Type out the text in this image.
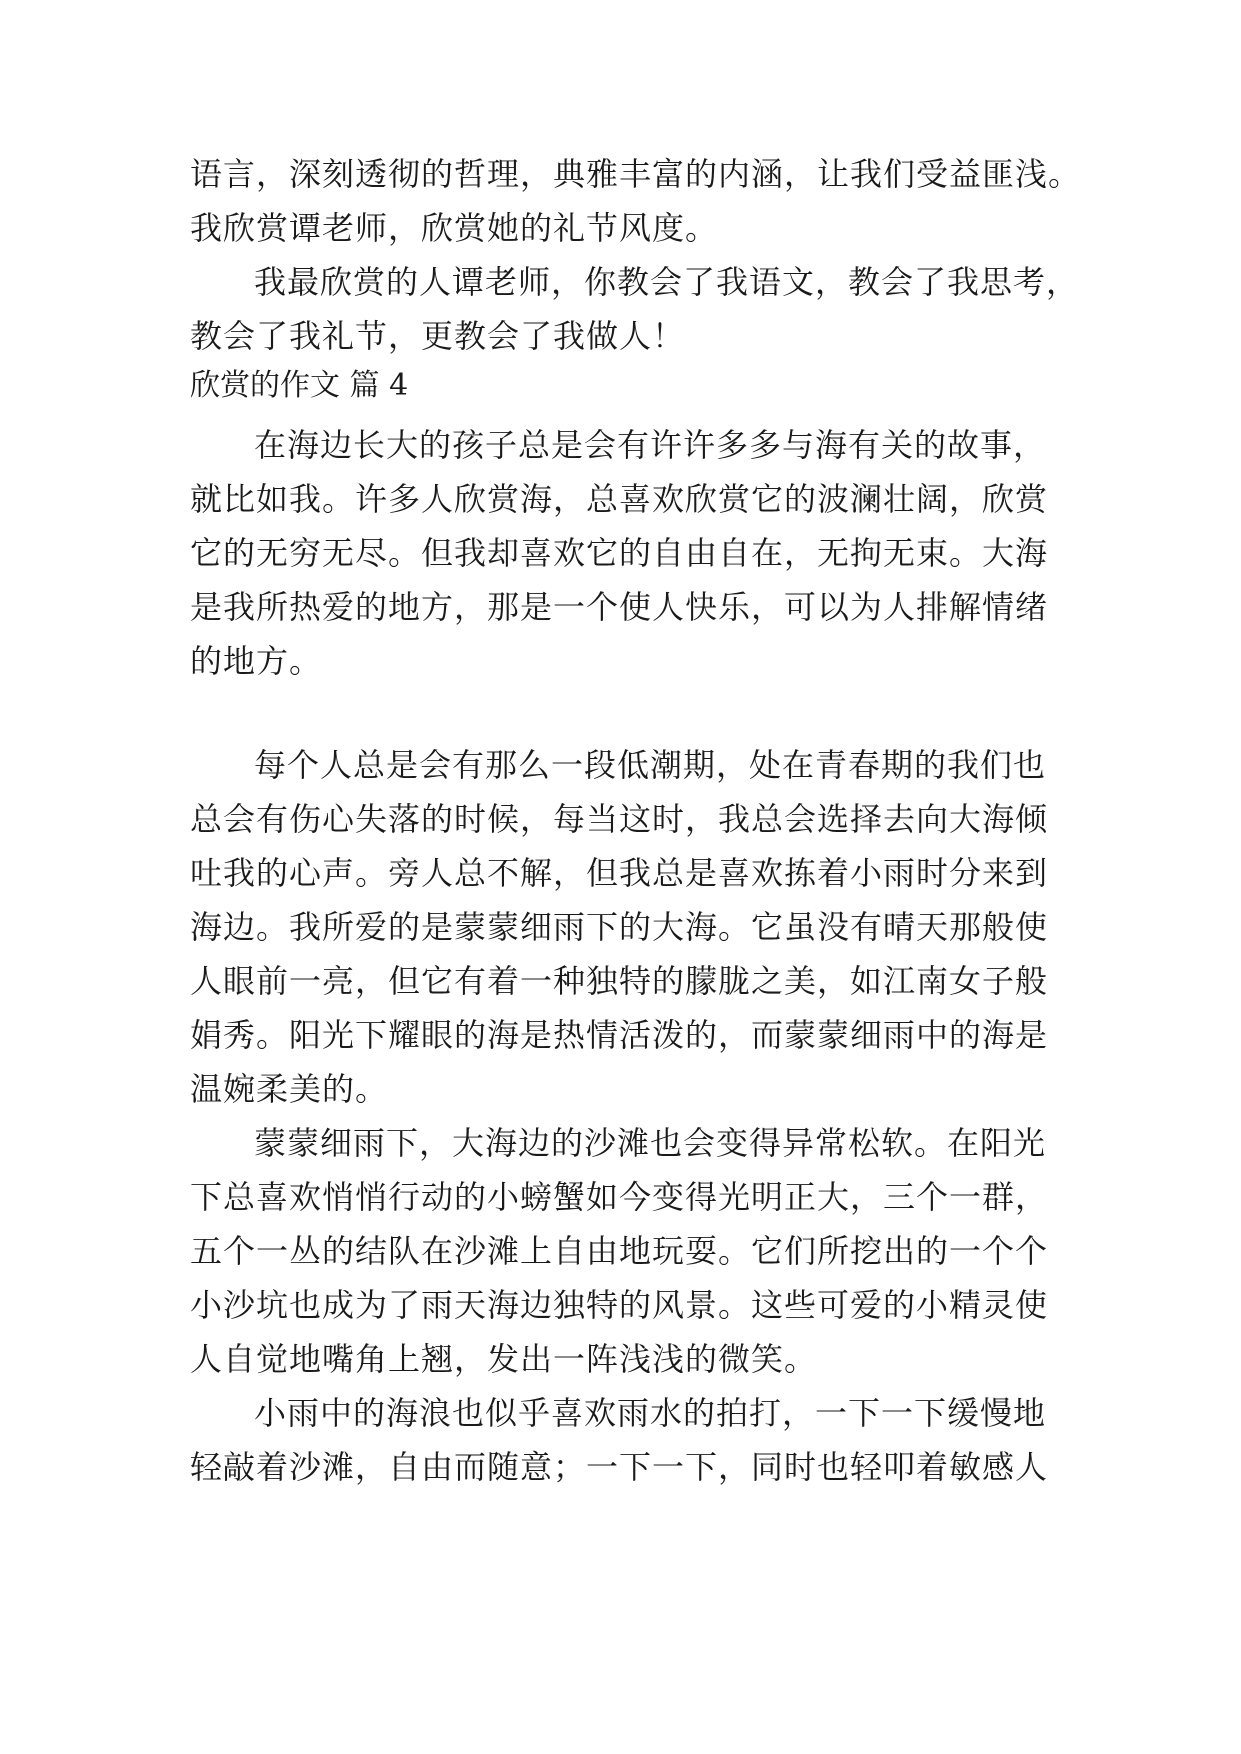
语言，深刻透彻的哲理，典雅丰富的内涵，让我们受益匪浅。

我欣赏谭老师，欣赏她的礼节风度。

我最欣赏的人谭老师，你教会了我语文，教会了我思考，

教会了我礼节，更教会了我做人！

欣赏的作文 篇 4

在海边长大的孩子总是会有许许多多与海有关的故事，

就比如我。许多人欣赏海，总喜欢欣赏它的波澜壮阔，欣赏

它的无穷无尽。但我却喜欢它的自由自在，无拘无束。大海

是我所热爱的地方，那是一个使人快乐，可以为人排解情绪

的地方。

每个人总是会有那么一段低潮期，处在青春期的我们也

总会有伤心失落的时候，每当这时，我总会选择去向大海倾

吐我的心声。旁人总不解，但我总是喜欢拣着小雨时分来到

海边。我所爱的是蒙蒙细雨下的大海。它虽没有晴天那般使

人眼前一亮，但它有着一种独特的朦胧之美，如江南女子般

娟秀。阳光下耀眼的海是热情活泼的，而蒙蒙细雨中的海是

温婉柔美的。

蒙蒙细雨下，大海边的沙滩也会变得异常松软。在阳光

下总喜欢悄悄行动的小螃蟹如今变得光明正大，三个一群，

五个一丛的结队在沙滩上自由地玩耍。它们所挖出的一个个

小沙坑也成为了雨天海边独特的风景。这些可爱的小精灵使

人自觉地嘴角上翘，发出一阵浅浅的微笑。

小雨中的海浪也似乎喜欢雨水的拍打，一下一下缓慢地

轻敲着沙滩，自由而随意；一下一下，同时也轻叩着敏感人
